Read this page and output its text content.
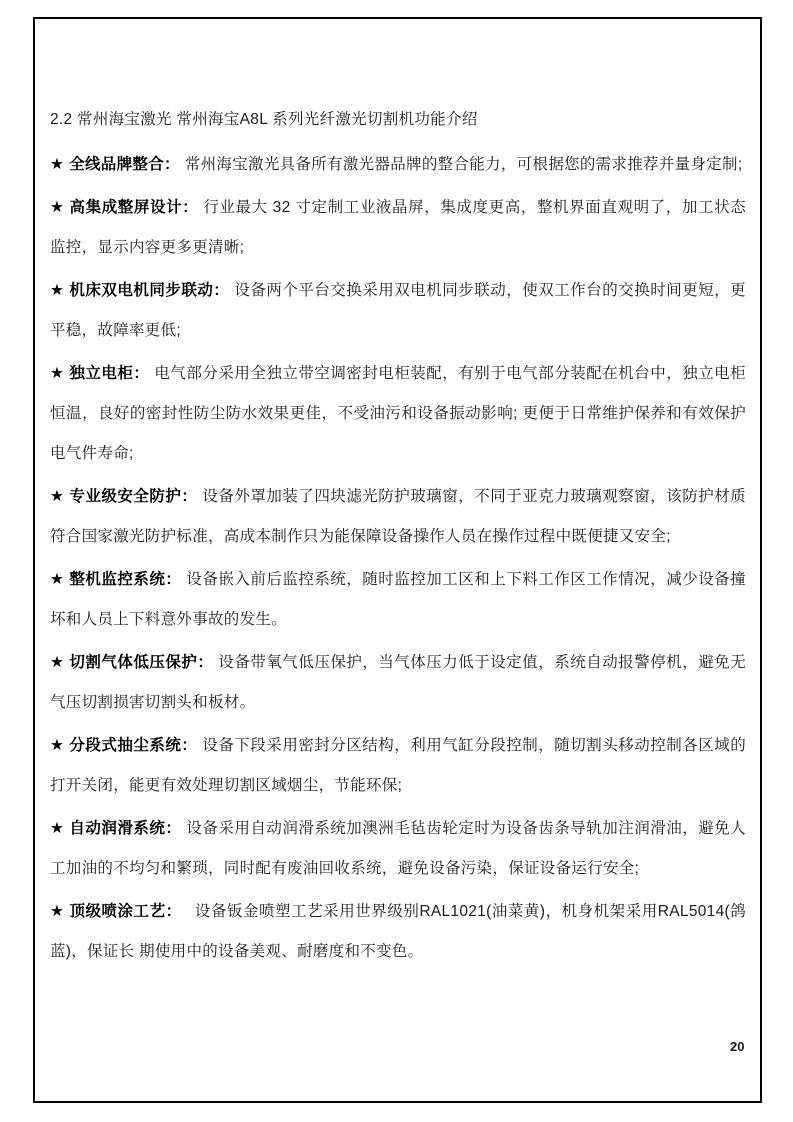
2.2 常州海宝激光 常州海宝A8L 系列光纤激光切割机功能介绍

★ 全线品牌整合： 常州海宝激光具备所有激光器品牌的整合能力，可根据您的需求推荐并量身定制;

★ 高集成整屏设计： 行业最大 32 寸定制工业液晶屏，集成度更高，整机界面直观明了，加工状态监控，显示内容更多更清晰;

★ 机床双电机同步联动： 设备两个平台交换采用双电机同步联动，使双工作台的交换时间更短，更平稳，故障率更低;

★ 独立电柜： 电气部分采用全独立带空调密封电柜装配，有别于电气部分装配在机台中，独立电柜恒温，良好的密封性防尘防水效果更佳，不受油污和设备振动影响; 更便于日常维护保养和有效保护电气件寿命;

★ 专业级安全防护： 设备外罩加装了四块滤光防护玻璃窗，不同于亚克力玻璃观察窗，该防护材质符合国家激光防护标准，高成本制作只为能保障设备操作人员在操作过程中既便捷又安全;

★ 整机监控系统： 设备嵌入前后监控系统，随时监控加工区和上下料工作区工作情况，减少设备撞坏和人员上下料意外事故的发生。

★ 切割气体低压保护： 设备带氧气低压保护，当气体压力低于设定值，系统自动报警停机，避免无气压切割损害切割头和板材。

★ 分段式抽尘系统： 设备下段采用密封分区结构，利用气缸分段控制，随切割头移动控制各区域的打开关闭，能更有效处理切割区域烟尘，节能环保;

★ 自动润滑系统： 设备采用自动润滑系统加澳洲毛毡齿轮定时为设备齿条导轨加注润滑油，避免人工加油的不均匀和繁琐，同时配有废油回收系统，避免设备污染，保证设备运行安全;

★ 顶级喷涂工艺：　设备钣金喷塑工艺采用世界级别RAL1021(油菜黄)，机身机架采用RAL5014(鸽蓝)，保证长 期使用中的设备美观、耐磨度和不变色。

20
